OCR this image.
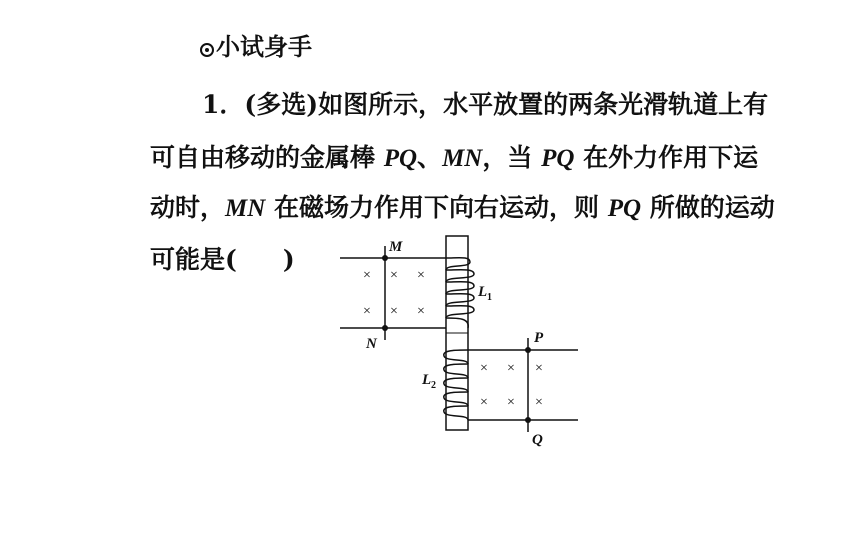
小试身手
1．(多选)如图所示，水平放置的两条光滑轨道上有
可自由移动的金属棒 PQ、MN，当 PQ 在外力作用下运
动时，MN 在磁场力作用下向右运动，则 PQ 所做的运动
可能是( )
× × ×
× × ×
× × ×
× × ×
M
N	P
Q
L 1
L 2
